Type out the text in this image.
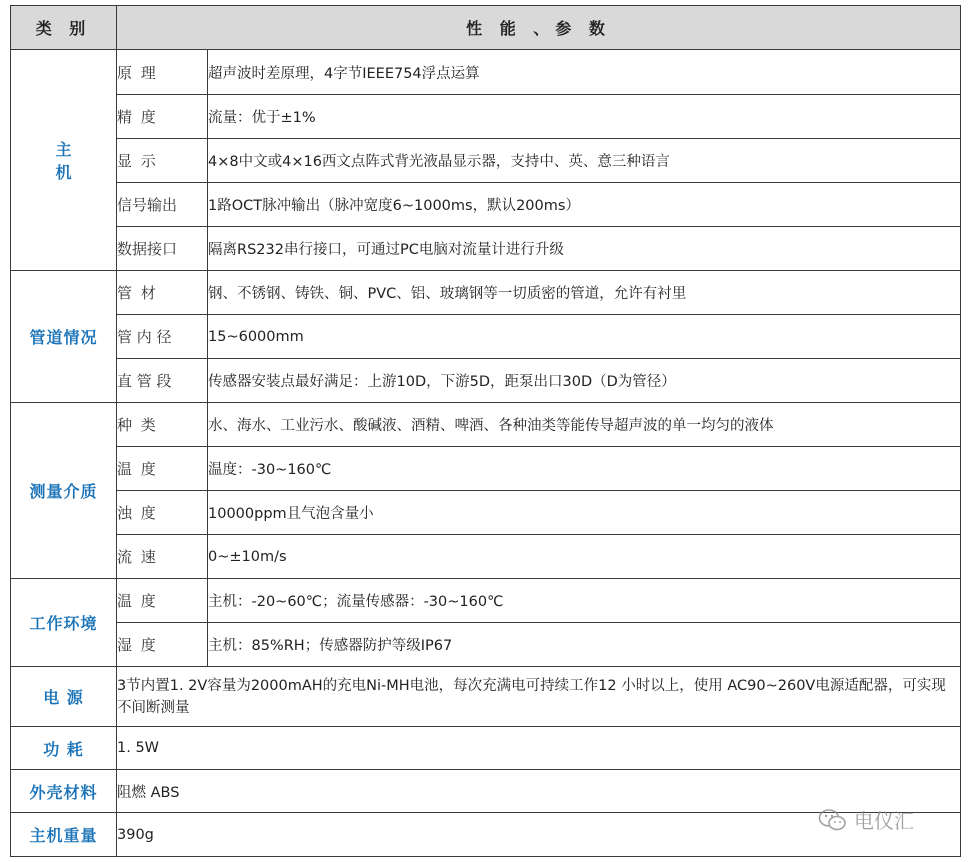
类 别	性 能 、参 数	
主机	原 理	超声波时差原理，4字节IEEE754浮点运算

	精 度	流量：优于±1%

	显 示	4×8中文或4×16西文点阵式背光液晶显示器，支持中、英、意三种语言

	信号输出	1路OCT脉冲输出（脉冲宽度6~1000ms，默认200ms）

	数据接口	隔离RS232串行接口，可通过PC电脑对流量计进行升级
管道情况	管 材	钢、不锈钢、铸铁、铜、PVC、铝、玻璃钢等一切质密的管道，允许有衬里

	管 内 径	15~6000mm

	直 管 段	传感器安装点最好满足：上游10D，下游5D，距泵出口30D（D为管径）
测量介质	种 类	水、海水、工业污水、酸碱液、酒精、啤酒、各种油类等能传导超声波的单一均匀的液体

	温 度	温度：-30~160℃

	浊 度	10000ppm且气泡含量小

	流 速	0~±10m/s
工作环境	温 度	主机：-20~60℃；流量传感器：-30~160℃

	湿 度	主机：85%RH；传感器防护等级IP67
电 源	3节内置1. 2V容量为2000mAH的充电Ni-MH电池，每次充满电可持续工作12 小时以上，使用 AC90~260V电源适配器，可实现不间断测量	
功 耗	1. 5W	
外壳材料	阻燃 ABS	
主机重量	390g	
电仪汇
